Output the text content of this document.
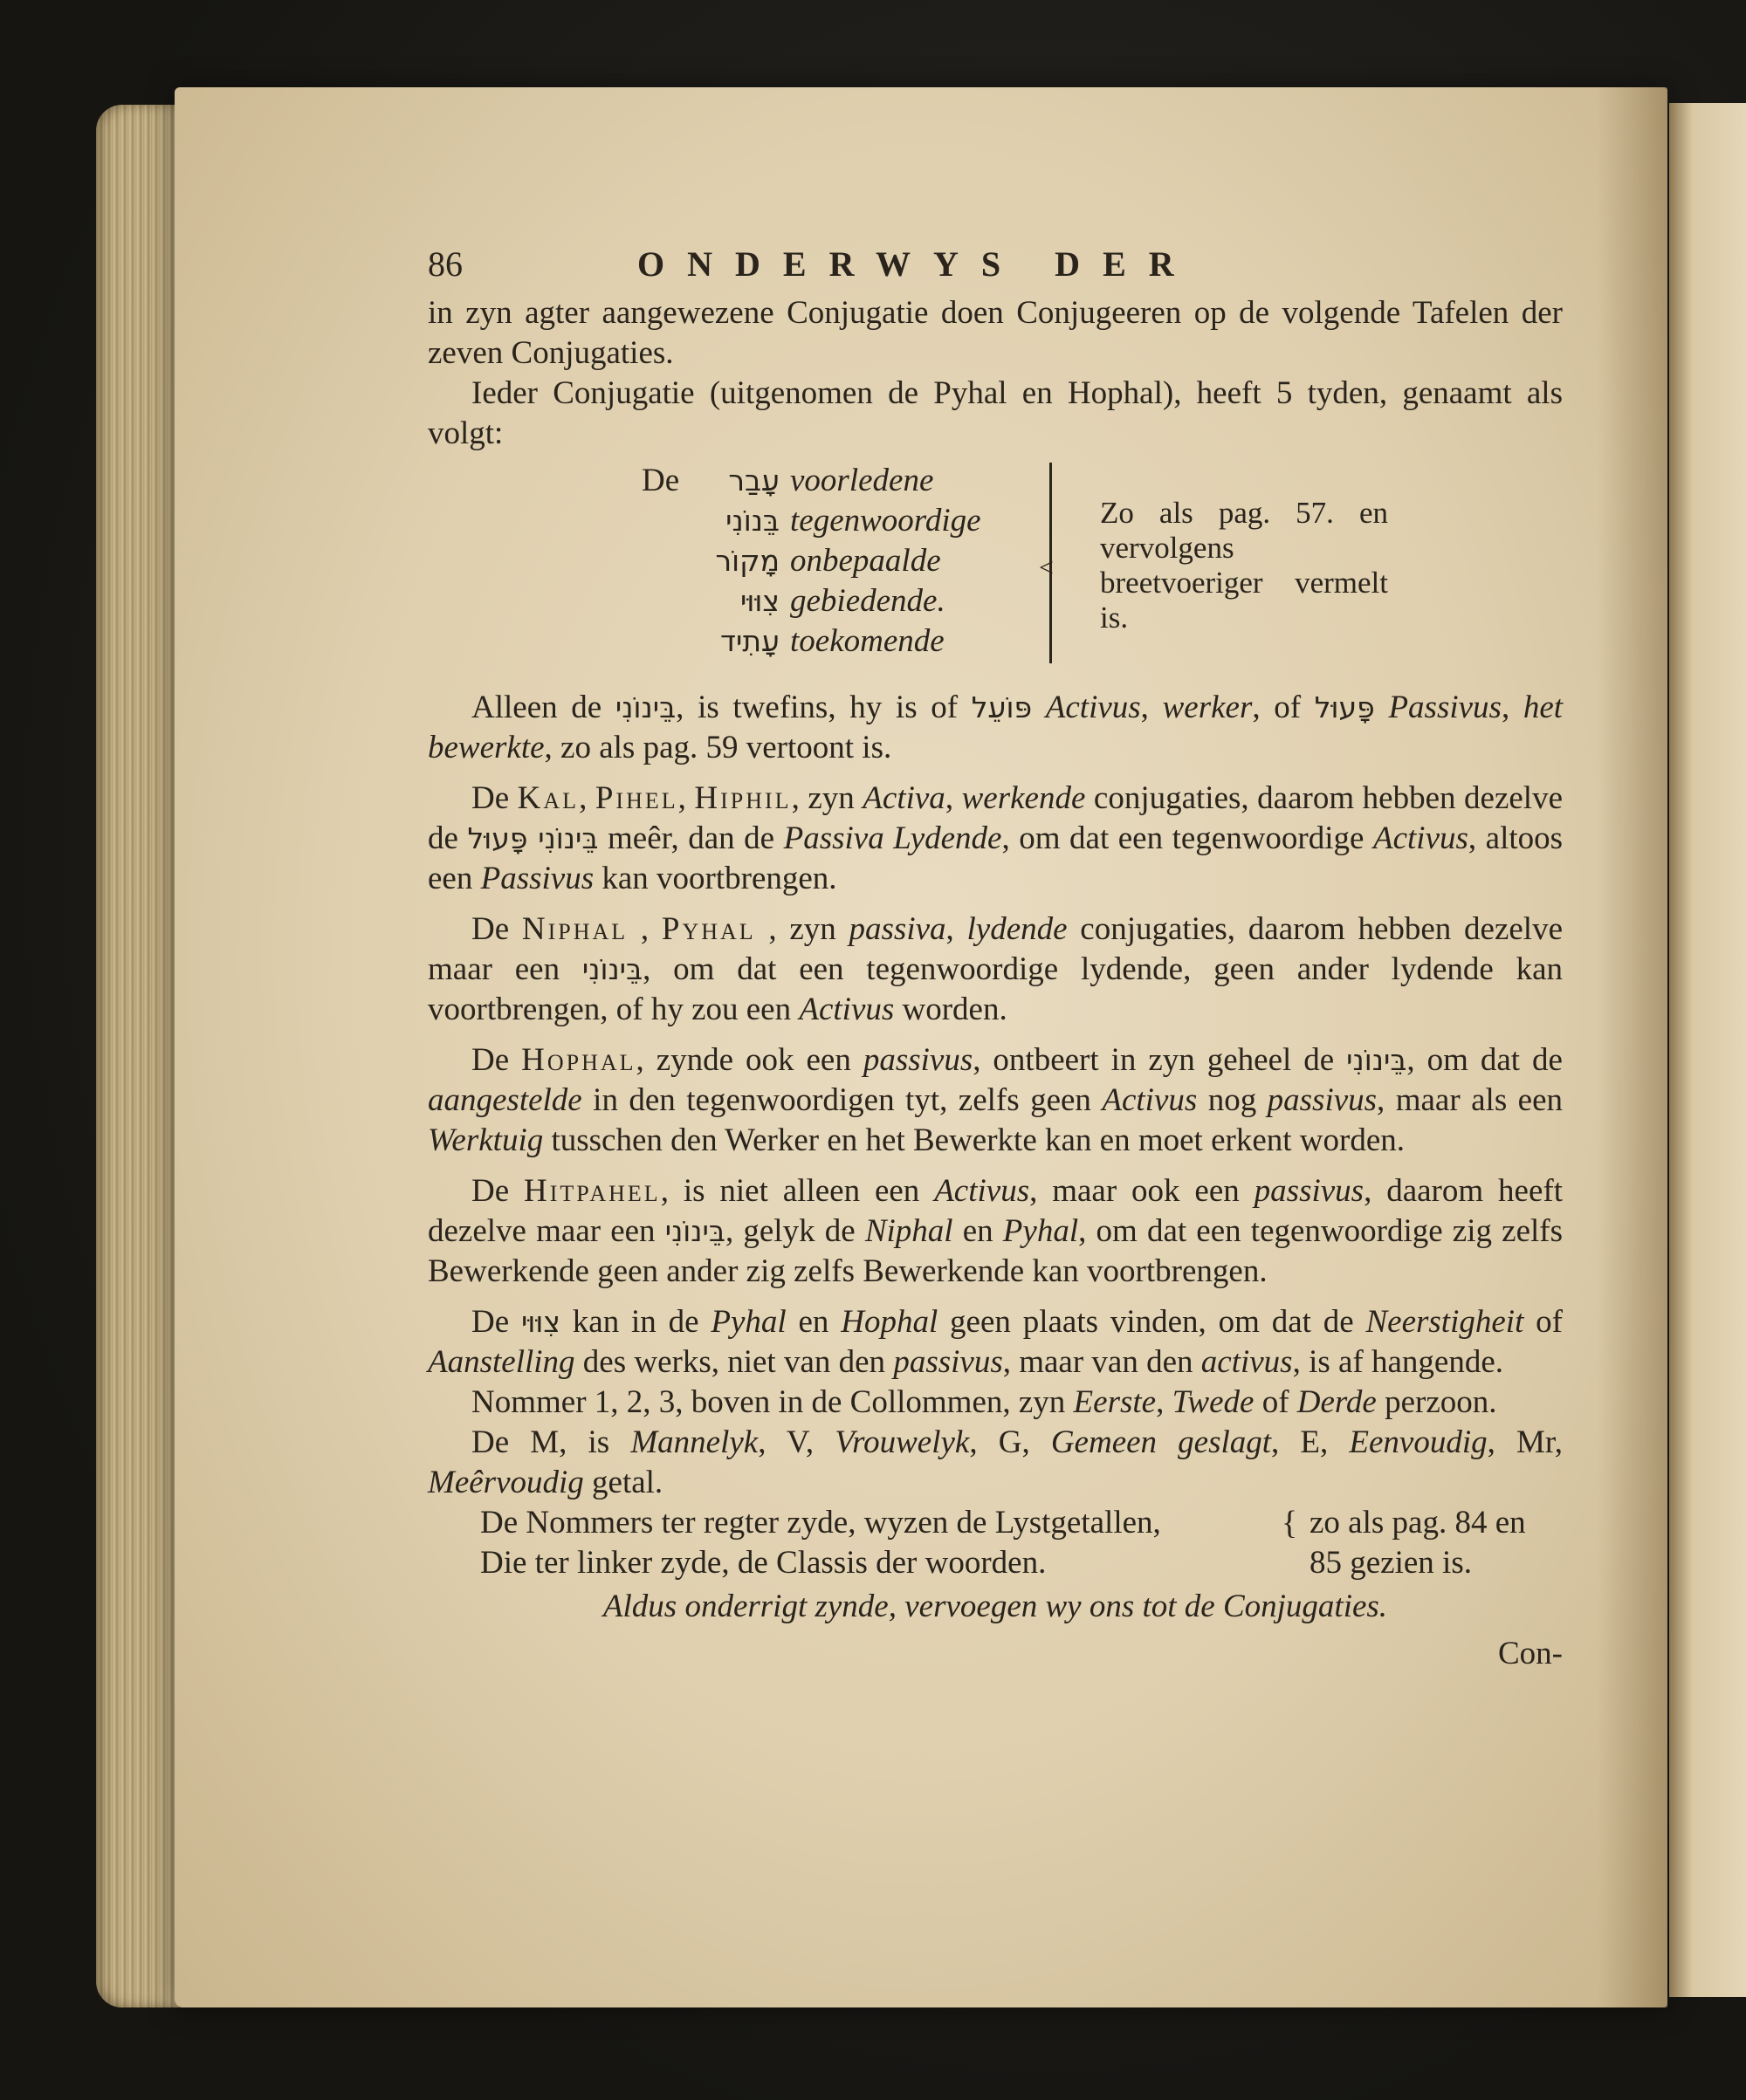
86	ONDERWYS DER

in zyn agter aangewezene Conjugatie doen Conjugeeren op de volgende Tafelen der zeven Conjugaties.

Ieder Conjugatie (uitgenomen de Pyhal en Hophal), heeft 5 tyden, genaamt als volgt:

De	עָבַר voorledene
בֵּנוֹנִי tegenwoordige
מָקוֹר onbepaalde
צִוּוּי gebiedende.
עָתִיד toekomende
<
Zo als pag. 57. en vervolgens breetvoeriger vermelt is.

Alleen de בֵּינוֹנִי, is twefins, hy is of פּוֹעֵל Activus, werker, of פָּעוּל Passivus, het bewerkte, zo als pag. 59 vertoont is.

De Kal, Pihel, Hiphil, zyn Activa, werkende conjugaties, daarom hebben dezelve de בֵּינוֹנִי פָּעוּל meêr, dan de Passiva Lydende, om dat een tegenwoordige Activus, altoos een Passivus kan voortbrengen.

De Niphal , Pyhal , zyn passiva, lydende conjugaties, daarom hebben dezelve maar een בֵּינוֹנִי, om dat een tegenwoordige lydende, geen ander lydende kan voortbrengen, of hy zou een Activus worden.

De Hophal, zynde ook een passivus, ontbeert in zyn geheel de בֵּינוֹנִי, om dat de aangestelde in den tegenwoordigen tyt, zelfs geen Activus nog passivus, maar als een Werktuig tusschen den Werker en het Bewerkte kan en moet erkent worden.

De Hitpahel, is niet alleen een Activus, maar ook een passivus, daarom heeft dezelve maar een בֵּינוֹנִי, gelyk de Niphal en Pyhal, om dat een tegenwoordige zig zelfs Bewerkende geen ander zig zelfs Bewerkende kan voortbrengen.

De צִוּוּי kan in de Pyhal en Hophal geen plaats vinden, om dat de Neerstigheit of Aanstelling des werks, niet van den passivus, maar van den activus, is af hangende.

Nommer 1, 2, 3, boven in de Collommen, zyn Eerste, Twede of Derde perzoon.

De M, is Mannelyk, V, Vrouwelyk, G, Gemeen geslagt, E, Eenvoudig, Mr, Meêrvoudig getal.

De Nommers ter regter zyde, wyzen de Lystgetallen,	{ zo als pag. 84 en
Die ter linker zyde, de Classis der woorden.	85 gezien is.

Aldus onderrigt zynde, vervoegen wy ons tot de Conjugaties.

Con-
